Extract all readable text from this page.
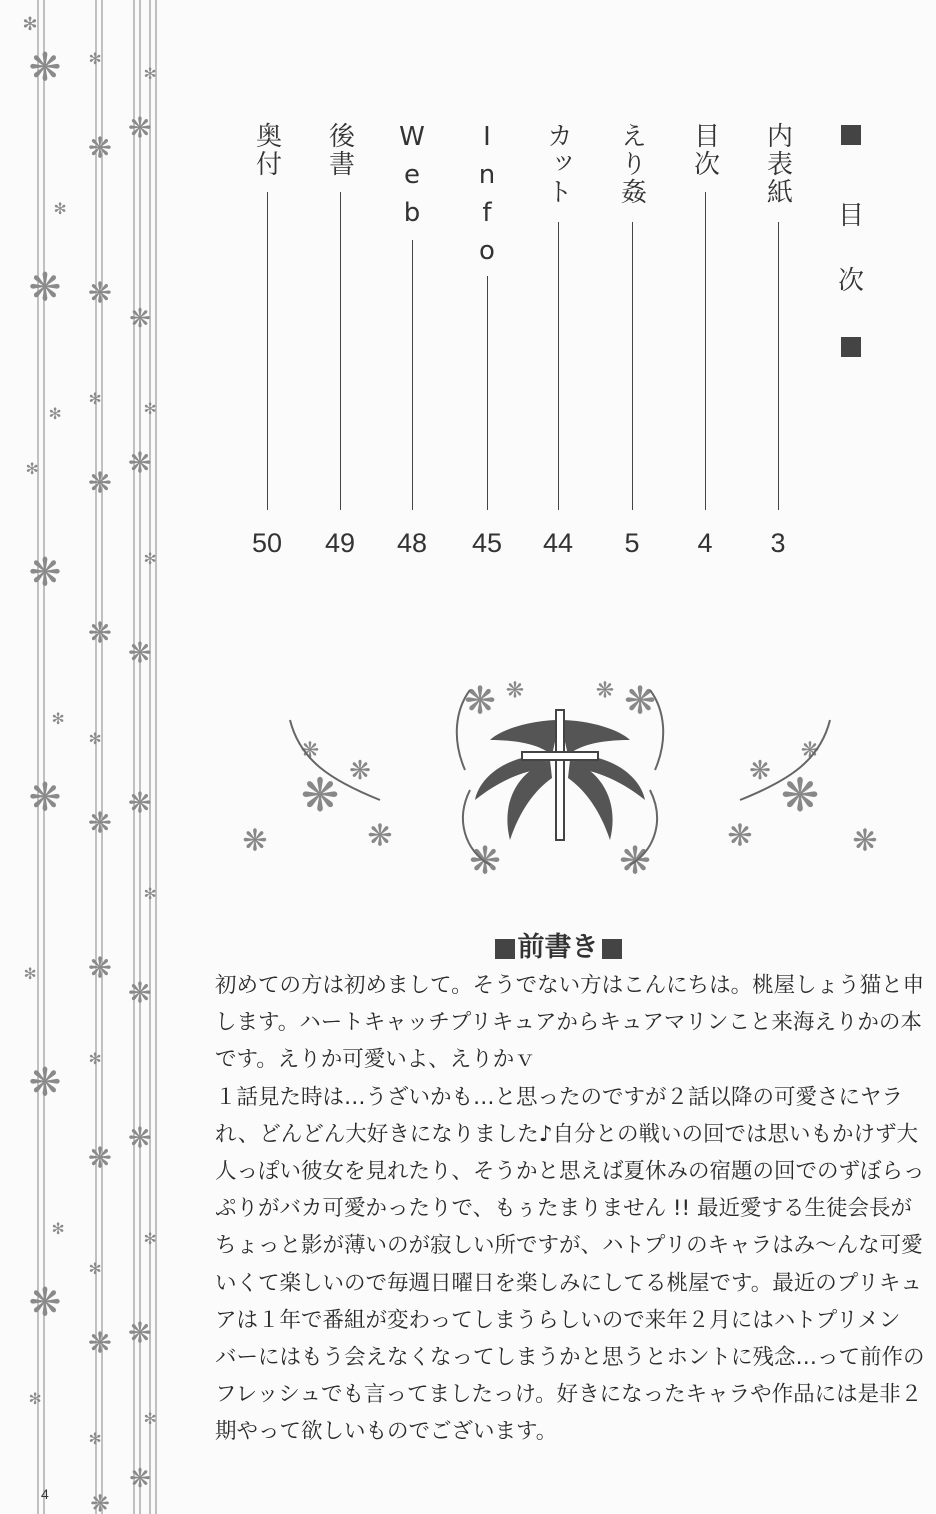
❋
❋
❋
❋
❋
❋
✻
✻
✻
✻
✻
✻
✻
✻
❋
❋
❋
❋
❋
❋
❋
❋
❋
✻
✻
✻
✻
✻
✻
❋
❋
❋
❋
❋
❋
❋
❋
❋
✻
✻
✻
✻
✻
✻
目
次
内表紙
3
目次
4
えり姦
5
カット
44
Info
45
Web
48
後書
49
奥付
50
❋	❋
❋	❋
❋	❋
❋	❋
❋	❋
❋	❋
❋	❋
❋	❋
前書き
初めての方は初めまして。そうでない方はこんにちは。桃屋しょう猫と申
します。ハートキャッチプリキュアからキュアマリンこと来海えりかの本
です。えりか可愛いよ、えりかｖ
１話見た時は…うざいかも…と思ったのですが２話以降の可愛さにヤラ
れ、どんどん大好きになりました♪自分との戦いの回では思いもかけず大
人っぽい彼女を見れたり、そうかと思えば夏休みの宿題の回でのずぼらっ
ぷりがバカ可愛かったりで、もぅたまりません !! 最近愛する生徒会長が
ちょっと影が薄いのが寂しい所ですが、ハトプリのキャラはみ～んな可愛
いくて楽しいので毎週日曜日を楽しみにしてる桃屋です。最近のプリキュ
アは１年で番組が変わってしまうらしいので来年２月にはハトプリメン
バーにはもう会えなくなってしまうかと思うとホントに残念…って前作の
フレッシュでも言ってましたっけ。好きになったキャラや作品には是非２
期やって欲しいものでございます。
4
